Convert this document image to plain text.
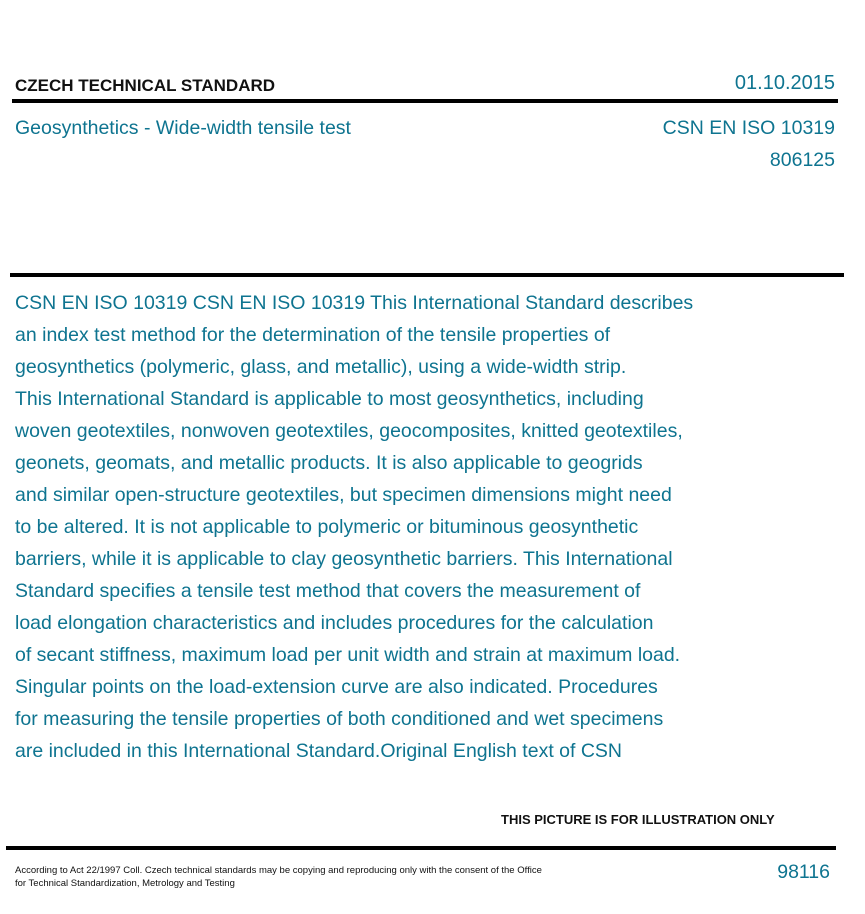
CZECH TECHNICAL STANDARD	01.10.2015
Geosynthetics - Wide-width tensile test	CSN EN ISO 10319
806125
CSN EN ISO 10319 CSN EN ISO 10319 This International Standard describes
an index test method for the determination of the tensile properties of
geosynthetics (polymeric, glass, and metallic), using a wide-width strip.
This International Standard is applicable to most geosynthetics, including
woven geotextiles, nonwoven geotextiles, geocomposites, knitted geotextiles,
geonets, geomats, and metallic products. It is also applicable to geogrids
and similar open-structure geotextiles, but specimen dimensions might need
to be altered. It is not applicable to polymeric or bituminous geosynthetic
barriers, while it is applicable to clay geosynthetic barriers. This International
Standard specifies a tensile test method that covers the measurement of
load elongation characteristics and includes procedures for the calculation
of secant stiffness, maximum load per unit width and strain at maximum load.
Singular points on the load-extension curve are also indicated. Procedures
for measuring the tensile properties of both conditioned and wet specimens
are included in this International Standard.Original English text of CSN
THIS PICTURE IS FOR ILLUSTRATION ONLY
According to Act 22/1997 Coll. Czech technical standards may be copying and reproducing only with the consent of the Office
for Technical Standardization, Metrology and Testing	98116
